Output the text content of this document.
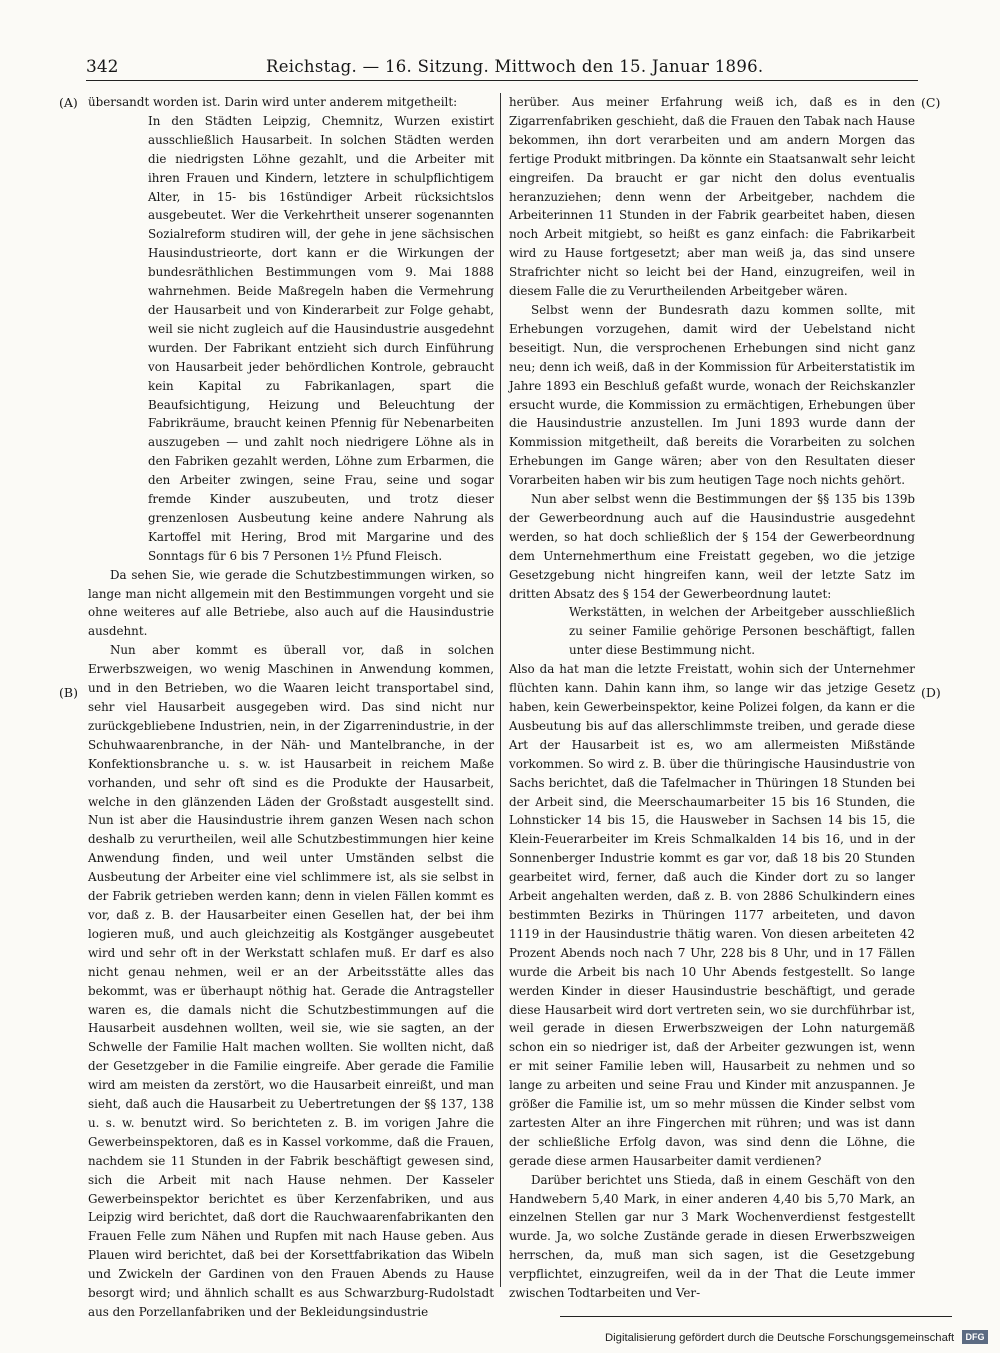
342	Reichstag. — 16. Sitzung. Mittwoch den 15. Januar 1896.
(A)
(B)
(C)
(D)

übersandt worden ist. Darin wird unter anderem mitgetheilt:

In den Städten Leipzig, Chemnitz, Wurzen existirt ausschließlich Hausarbeit. In solchen Städten werden die niedrigsten Löhne gezahlt, und die Arbeiter mit ihren Frauen und Kindern, letztere in schulpflichtigem Alter, in 15- bis 16stündiger Arbeit rücksichtslos ausgebeutet. Wer die Verkehrtheit unserer sogenannten Sozialreform studiren will, der gehe in jene sächsischen Hausindustrieorte, dort kann er die Wirkungen der bundesräthlichen Bestimmungen vom 9. Mai 1888 wahrnehmen. Beide Maßregeln haben die Vermehrung der Hausarbeit und von Kinderarbeit zur Folge gehabt, weil sie nicht zugleich auf die Hausindustrie ausgedehnt wurden. Der Fabrikant entzieht sich durch Einführung von Hausarbeit jeder behördlichen Kontrole, gebraucht kein Kapital zu Fabrikanlagen, spart die Beaufsichtigung, Heizung und Beleuchtung der Fabrikräume, braucht keinen Pfennig für Nebenarbeiten auszugeben — und zahlt noch niedrigere Löhne als in den Fabriken gezahlt werden, Löhne zum Erbarmen, die den Arbeiter zwingen, seine Frau, seine und sogar fremde Kinder auszubeuten, und trotz dieser grenzenlosen Ausbeutung keine andere Nahrung als Kartoffel mit Hering, Brod mit Margarine und des Sonntags für 6 bis 7 Personen 1½ Pfund Fleisch.

Da sehen Sie, wie gerade die Schutzbestimmungen wirken, so lange man nicht allgemein mit den Bestimmungen vorgeht und sie ohne weiteres auf alle Betriebe, also auch auf die Hausindustrie ausdehnt.

Nun aber kommt es überall vor, daß in solchen Erwerbszweigen, wo wenig Maschinen in Anwendung kommen, und in den Betrieben, wo die Waaren leicht transportabel sind, sehr viel Hausarbeit ausgegeben wird. Das sind nicht nur zurückgebliebene Industrien, nein, in der Zigarrenindustrie, in der Schuhwaarenbranche, in der Näh- und Mantelbranche, in der Konfektionsbranche u. s. w. ist Hausarbeit in reichem Maße vorhanden, und sehr oft sind es die Produkte der Hausarbeit, welche in den glänzenden Läden der Großstadt ausgestellt sind. Nun ist aber die Hausindustrie ihrem ganzen Wesen nach schon deshalb zu verurtheilen, weil alle Schutzbestimmungen hier keine Anwendung finden, und weil unter Umständen selbst die Ausbeutung der Arbeiter eine viel schlimmere ist, als sie selbst in der Fabrik getrieben werden kann; denn in vielen Fällen kommt es vor, daß z. B. der Hausarbeiter einen Gesellen hat, der bei ihm logieren muß, und auch gleichzeitig als Kostgänger ausgebeutet wird und sehr oft in der Werkstatt schlafen muß. Er darf es also nicht genau nehmen, weil er an der Arbeitsstätte alles das bekommt, was er überhaupt nöthig hat. Gerade die Antragsteller waren es, die damals nicht die Schutzbestimmungen auf die Hausarbeit ausdehnen wollten, weil sie, wie sie sagten, an der Schwelle der Familie Halt machen wollten. Sie wollten nicht, daß der Gesetzgeber in die Familie eingreife. Aber gerade die Familie wird am meisten da zerstört, wo die Hausarbeit einreißt, und man sieht, daß auch die Hausarbeit zu Uebertretungen der §§ 137, 138 u. s. w. benutzt wird. So berichteten z. B. im vorigen Jahre die Gewerbeinspektoren, daß es in Kassel vorkomme, daß die Frauen, nachdem sie 11 Stunden in der Fabrik beschäftigt gewesen sind, sich die Arbeit mit nach Hause nehmen. Der Kasseler Gewerbeinspektor berichtet es über Kerzenfabriken, und aus Leipzig wird berichtet, daß dort die Rauchwaarenfabrikanten den Frauen Felle zum Nähen und Rupfen mit nach Hause geben. Aus Plauen wird berichtet, daß bei der Korsettfabrikation das Wibeln und Zwickeln der Gardinen von den Frauen Abends zu Hause besorgt wird; und ähnlich schallt es aus Schwarzburg-Rudolstadt aus den Porzellanfabriken und der Bekleidungsindustrie

herüber. Aus meiner Erfahrung weiß ich, daß es in den Zigarrenfabriken geschieht, daß die Frauen den Tabak nach Hause bekommen, ihn dort verarbeiten und am andern Morgen das fertige Produkt mitbringen. Da könnte ein Staatsanwalt sehr leicht eingreifen. Da braucht er gar nicht den dolus eventualis heranzuziehen; denn wenn der Arbeitgeber, nachdem die Arbeiterinnen 11 Stunden in der Fabrik gearbeitet haben, diesen noch Arbeit mitgiebt, so heißt es ganz einfach: die Fabrikarbeit wird zu Hause fortgesetzt; aber man weiß ja, das sind unsere Strafrichter nicht so leicht bei der Hand, einzugreifen, weil in diesem Falle die zu Verurtheilenden Arbeitgeber wären.

Selbst wenn der Bundesrath dazu kommen sollte, mit Erhebungen vorzugehen, damit wird der Uebelstand nicht beseitigt. Nun, die versprochenen Erhebungen sind nicht ganz neu; denn ich weiß, daß in der Kommission für Arbeiterstatistik im Jahre 1893 ein Beschluß gefaßt wurde, wonach der Reichskanzler ersucht wurde, die Kommission zu ermächtigen, Erhebungen über die Hausindustrie anzustellen. Im Juni 1893 wurde dann der Kommission mitgetheilt, daß bereits die Vorarbeiten zu solchen Erhebungen im Gange wären; aber von den Resultaten dieser Vorarbeiten haben wir bis zum heutigen Tage noch nichts gehört.

Nun aber selbst wenn die Bestimmungen der §§ 135 bis 139b der Gewerbeordnung auch auf die Hausindustrie ausgedehnt werden, so hat doch schließlich der § 154 der Gewerbeordnung dem Unternehmerthum eine Freistatt gegeben, wo die jetzige Gesetzgebung nicht hingreifen kann, weil der letzte Satz im dritten Absatz des § 154 der Gewerbeordnung lautet:

Werkstätten, in welchen der Arbeitgeber ausschließlich zu seiner Familie gehörige Personen beschäftigt, fallen unter diese Bestimmung nicht.

Also da hat man die letzte Freistatt, wohin sich der Unternehmer flüchten kann. Dahin kann ihm, so lange wir das jetzige Gesetz haben, kein Gewerbeinspektor, keine Polizei folgen, da kann er die Ausbeutung bis auf das allerschlimmste treiben, und gerade diese Art der Hausarbeit ist es, wo am allermeisten Mißstände vorkommen. So wird z. B. über die thüringische Hausindustrie von Sachs berichtet, daß die Tafelmacher in Thüringen 18 Stunden bei der Arbeit sind, die Meerschaumarbeiter 15 bis 16 Stunden, die Lohnsticker 14 bis 15, die Hausweber in Sachsen 14 bis 15, die Klein-Feuerarbeiter im Kreis Schmalkalden 14 bis 16, und in der Sonnenberger Industrie kommt es gar vor, daß 18 bis 20 Stunden gearbeitet wird, ferner, daß auch die Kinder dort zu so langer Arbeit angehalten werden, daß z. B. von 2886 Schulkindern eines bestimmten Bezirks in Thüringen 1177 arbeiteten, und davon 1119 in der Hausindustrie thätig waren. Von diesen arbeiteten 42 Prozent Abends noch nach 7 Uhr, 228 bis 8 Uhr, und in 17 Fällen wurde die Arbeit bis nach 10 Uhr Abends festgestellt. So lange werden Kinder in dieser Hausindustrie beschäftigt, und gerade diese Hausarbeit wird dort vertreten sein, wo sie durchführbar ist, weil gerade in diesen Erwerbszweigen der Lohn naturgemäß schon ein so niedriger ist, daß der Arbeiter gezwungen ist, wenn er mit seiner Familie leben will, Hausarbeit zu nehmen und so lange zu arbeiten und seine Frau und Kinder mit anzuspannen. Je größer die Familie ist, um so mehr müssen die Kinder selbst vom zartesten Alter an ihre Fingerchen mit rühren; und was ist dann der schließliche Erfolg davon, was sind denn die Löhne, die gerade diese armen Hausarbeiter damit verdienen?

Darüber berichtet uns Stieda, daß in einem Geschäft von den Handwebern 5,40 Mark, in einer anderen 4,40 bis 5,70 Mark, an einzelnen Stellen gar nur 3 Mark Wochenverdienst festgestellt wurde. Ja, wo solche Zustände gerade in diesen Erwerbszweigen herrschen, da, muß man sich sagen, ist die Gesetzgebung verpflichtet, einzugreifen, weil da in der That die Leute immer zwischen Todtarbeiten und Ver-

Digitalisierung gefördert durch die Deutsche Forschungsgemeinschaft	DFG
